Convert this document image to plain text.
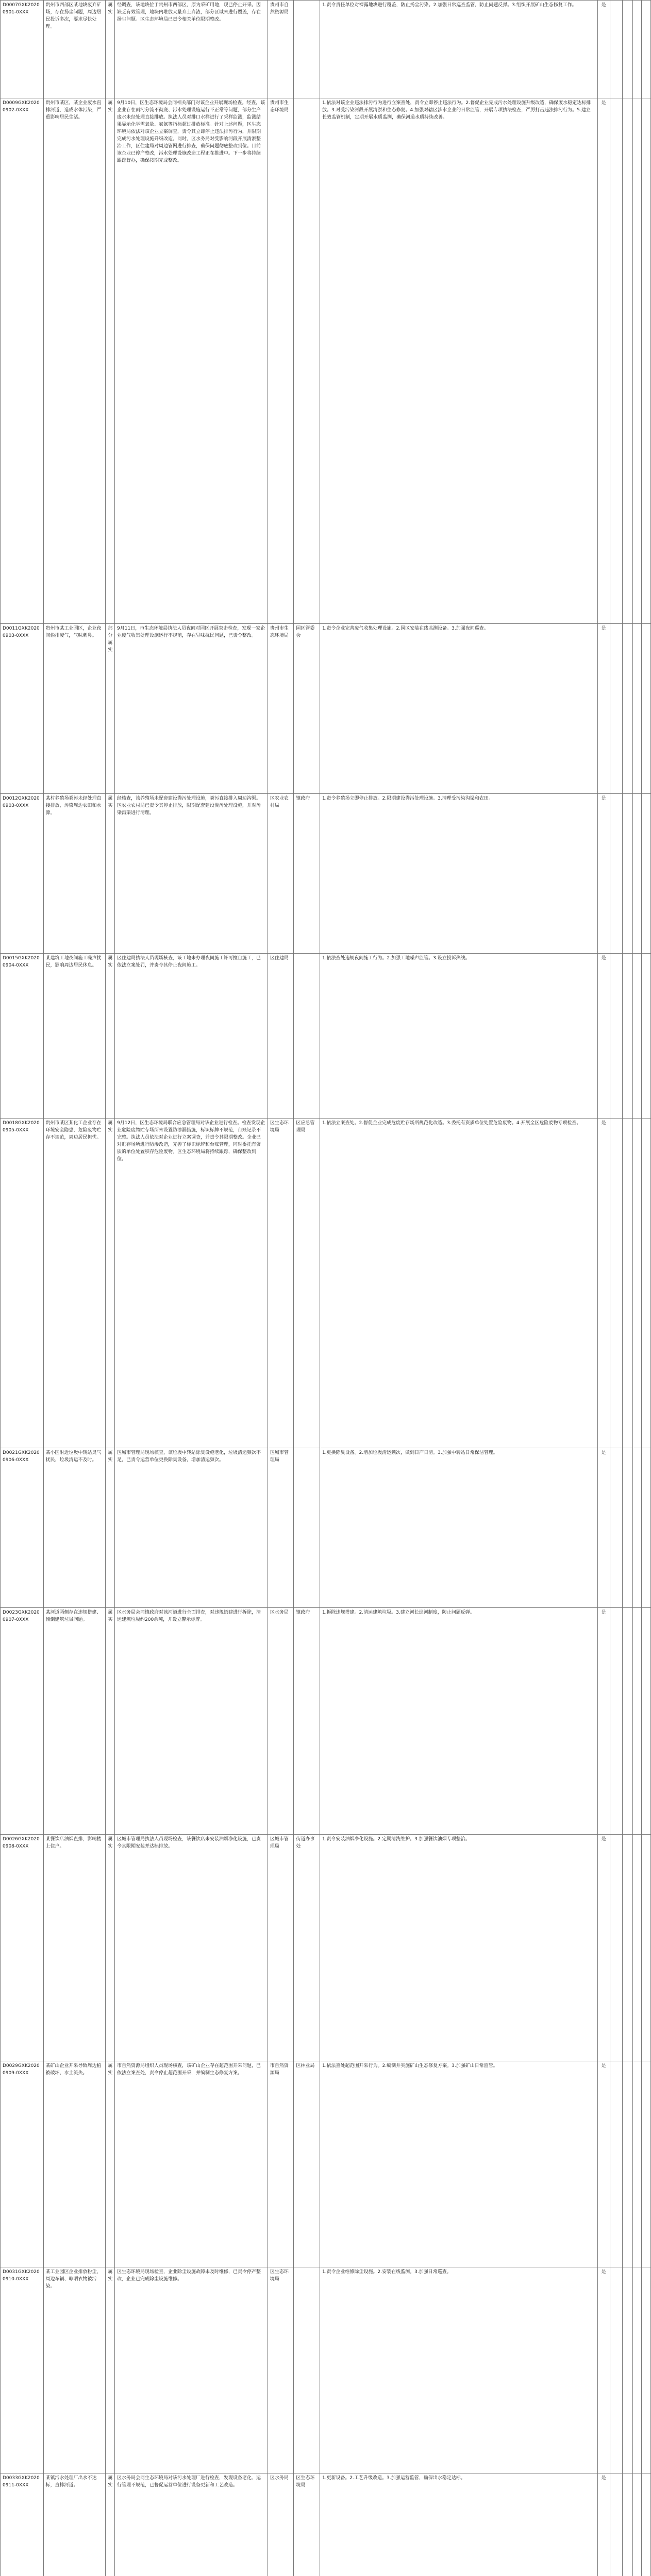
D0007GXK20200901-0XXX	贵州市西部区某地块废弃矿场，存在扬尘问题，周边居民投诉多次，要求尽快处理。	属实	经调查，该地块位于贵州市西部区，原为采矿用地，现已停止开采。因缺乏有效管理，地块内堆放大量弃土弃渣，部分区域未进行覆盖，存在扬尘问题。区生态环境局已责令相关单位限期整改。	贵州市自然资源局		1.责令责任单位对裸露地块进行覆盖，防止扬尘污染。2.加强日常巡查监管，防止问题反弹。3.组织开展矿山生态修复工作。	是				
D0009GXK20200902-0XXX	贵州市某区，某企业废水直排河道，造成水体污染，严重影响居民生活。	属实	9月10日，区生态环境局会同相关部门对该企业开展现场检查。经查，该企业存在雨污分流不彻底、污水处理设施运行不正常等问题，部分生产废水未经处理直接排放。执法人员对排口水样进行了采样监测，监测结果显示化学需氧量、氨氮等指标超过排放标准。针对上述问题，区生态环境局依法对该企业立案调查，责令其立即停止违法排污行为，并限期完成污水处理设施升级改造。同时，区水务局对受影响河段开展清淤整治工作，区住建局对周边管网进行排查，确保问题彻底整改到位。目前该企业已停产整改，污水处理设施改造工程正在推进中。下一步将持续跟踪督办，确保按期完成整改。	贵州市生态环境局		1.依法对该企业违法排污行为进行立案查处，责令立即停止违法行为。2.督促企业完成污水处理设施升级改造，确保废水稳定达标排放。3.对受污染河段开展清淤和生态修复。4.加强对辖区涉水企业的日常监管，开展专项执法检查，严厉打击违法排污行为。5.建立长效监管机制，定期开展水质监测，确保河道水质持续改善。	是				
D0011GXK20200903-0XXX	贵州市某工业园区，企业夜间偷排废气，气味刺鼻。	部分属实	9月11日，市生态环境局执法人员夜间对园区开展突击检查，发现一家企业废气收集处理设施运行不规范，存在异味扰民问题，已责令整改。	贵州市生态环境局	园区管委会	1.责令企业完善废气收集处理设施。2.园区安装在线监测设备。3.加强夜间巡查。	是				
D0012GXK20200903-0XXX	某村养殖场粪污未经处理直接排放，污染周边农田和水源。	属实	经核查，该养殖场未配套建设粪污处理设施，粪污直接排入周边沟渠。区农业农村局已责令其停止排放，限期配套建设粪污处理设施，并对污染沟渠进行清理。	区农业农村局	镇政府	1.责令养殖场立即停止排放。2.限期建设粪污处理设施。3.清理受污染沟渠和农田。	是				
D0015GXK20200904-0XXX	某建筑工地夜间施工噪声扰民，影响周边居民休息。	属实	区住建局执法人员现场核查，该工地未办理夜间施工许可擅自施工，已依法立案处罚，并责令其停止夜间施工。	区住建局		1.依法查处违规夜间施工行为。2.加强工地噪声监管。3.设立投诉热线。	是				
D0018GXK20200905-0XXX	贵州市某区某化工企业存在环境安全隐患，危险废物贮存不规范，周边居民担忧。	属实	9月12日，区生态环境局联合应急管理局对该企业进行检查。检查发现企业危险废物贮存场所未设置防渗漏措施，标识标牌不规范，台账记录不完整。执法人员依法对企业进行立案调查，并责令其限期整改。企业已对贮存场所进行防渗改造，完善了标识标牌和台账管理，同时委托有资质的单位处置积存危险废物。区生态环境局将持续跟踪，确保整改到位。	区生态环境局	区应急管理局	1.依法立案查处。2.督促企业完成危废贮存场所规范化改造。3.委托有资质单位处置危险废物。4.开展全区危险废物专项检查。	是				
D0021GXK20200906-0XXX	某小区附近垃圾中转站臭气扰民，垃圾清运不及时。	属实	区城市管理局现场核查，该垃圾中转站除臭设施老化，垃圾清运频次不足，已责令运营单位更换除臭设备，增加清运频次。	区城市管理局		1.更换除臭设备。2.增加垃圾清运频次，做到日产日清。3.加强中转站日常保洁管理。	是				
D0023GXK20200907-0XXX	某河道两侧存在违规搭建、倾倒建筑垃圾问题。	属实	区水务局会同镇政府对该河道进行全面排查，对违规搭建进行拆除，清运建筑垃圾约200余吨，并设立警示标牌。	区水务局	镇政府	1.拆除违规搭建。2.清运建筑垃圾。3.建立河长巡河制度，防止问题反弹。	是				
D0026GXK20200908-0XXX	某餐饮店油烟直排，影响楼上住户。	属实	区城市管理局执法人员现场检查，该餐饮店未安装油烟净化设施，已责令其限期安装并达标排放。	区城市管理局	街道办事处	1.责令安装油烟净化设施。2.定期清洗维护。3.加强餐饮油烟专项整治。	是				
D0029GXK20200909-0XXX	某矿山企业开采导致周边植被破坏、水土流失。	属实	市自然资源局组织人员现场核查，该矿山企业存在超范围开采问题，已依法立案查处，责令停止超范围开采，并编制生态修复方案。	市自然资源局	区林业局	1.依法查处超范围开采行为。2.编制并实施矿山生态修复方案。3.加强矿山日常监管。	是				
D0031GXK20200910-0XXX	某工业园区企业排放粉尘，周边车辆、晾晒衣物被污染。	属实	区生态环境局现场检查，企业除尘设施故障未及时维修，已责令停产整改，企业已完成除尘设施维修。	区生态环境局		1.责令企业维修除尘设施。2.安装在线监测。3.加强日常巡查。	是				
D0033GXK20200911-0XXX	某镇污水处理厂出水不达标，直排河道。	属实	区水务局会同生态环境局对该污水处理厂进行检查，发现设备老化、运行管理不规范，已督促运营单位进行设备更新和工艺改造。	区水务局	区生态环境局	1.更新设备。2.工艺升级改造。3.加强运营监管，确保出水稳定达标。	是				
